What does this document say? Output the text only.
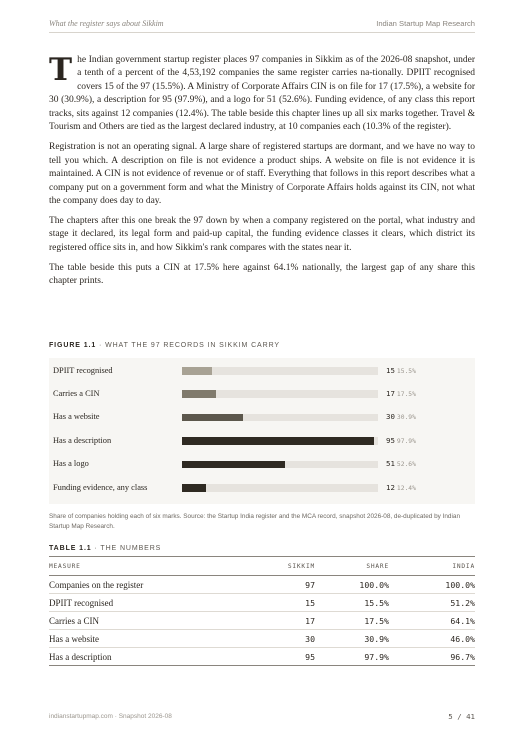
What the register says about Sikkim	Indian Startup Map Research

The Indian government startup register places 97 companies in Sikkim as of the 2026-08 snapshot, under a tenth of a percent of the 4,53,192 companies the same register carries na-tionally. DPIIT recognised covers 15 of the 97 (15.5%). A Ministry of Corporate Affairs CIN is on file for 17 (17.5%), a website for 30 (30.9%), a description for 95 (97.9%), and a logo for 51 (52.6%). Funding evidence, of any class this report tracks, sits against 12 companies (12.4%). The table beside this chapter lines up all six marks together. Travel & Tourism and Others are tied as the largest declared industry, at 10 companies each (10.3% of the register).

Registration is not an operating signal. A large share of registered startups are dormant, and we have no way to tell you which. A description on file is not evidence a product ships. A website on file is not evidence it is maintained. A CIN is not evidence of revenue or of staff. Everything that follows in this report describes what a company put on a government form and what the Ministry of Corporate Affairs holds against its CIN, not what the company does day to day.

The chapters after this one break the 97 down by when a company registered on the portal, what industry and stage it declared, its legal form and paid-up capital, the funding evidence classes it clears, which district its registered office sits in, and how Sikkim's rank compares with the states near it.

The table beside this puts a CIN at 17.5% here against 64.1% nationally, the largest gap of any share this chapter prints.

FIGURE 1.1 · WHAT THE 97 RECORDS IN SIKKIM CARRY
DPIIT recognised	15 15.5%
Carries a CIN	17 17.5%
Has a website	30 30.9%
Has a description	95 97.9%
Has a logo	51 52.6%
Funding evidence, any class	12 12.4%
Share of companies holding each of six marks. Source: the Startup India register and the MCA record, snapshot 2026-08, de-duplicated by Indian Startup Map Research.
TABLE 1.1 · THE NUMBERS
MEASURE	SIKKIM	SHARE	INDIA
Companies on the register	97	100.0%	100.0%
DPIIT recognised	15	15.5%	51.2%
Carries a CIN	17	17.5%	64.1%
Has a website	30	30.9%	46.0%
Has a description	95	97.9%	96.7%
indianstartupmap.com · Snapshot 2026-08	5 / 41
